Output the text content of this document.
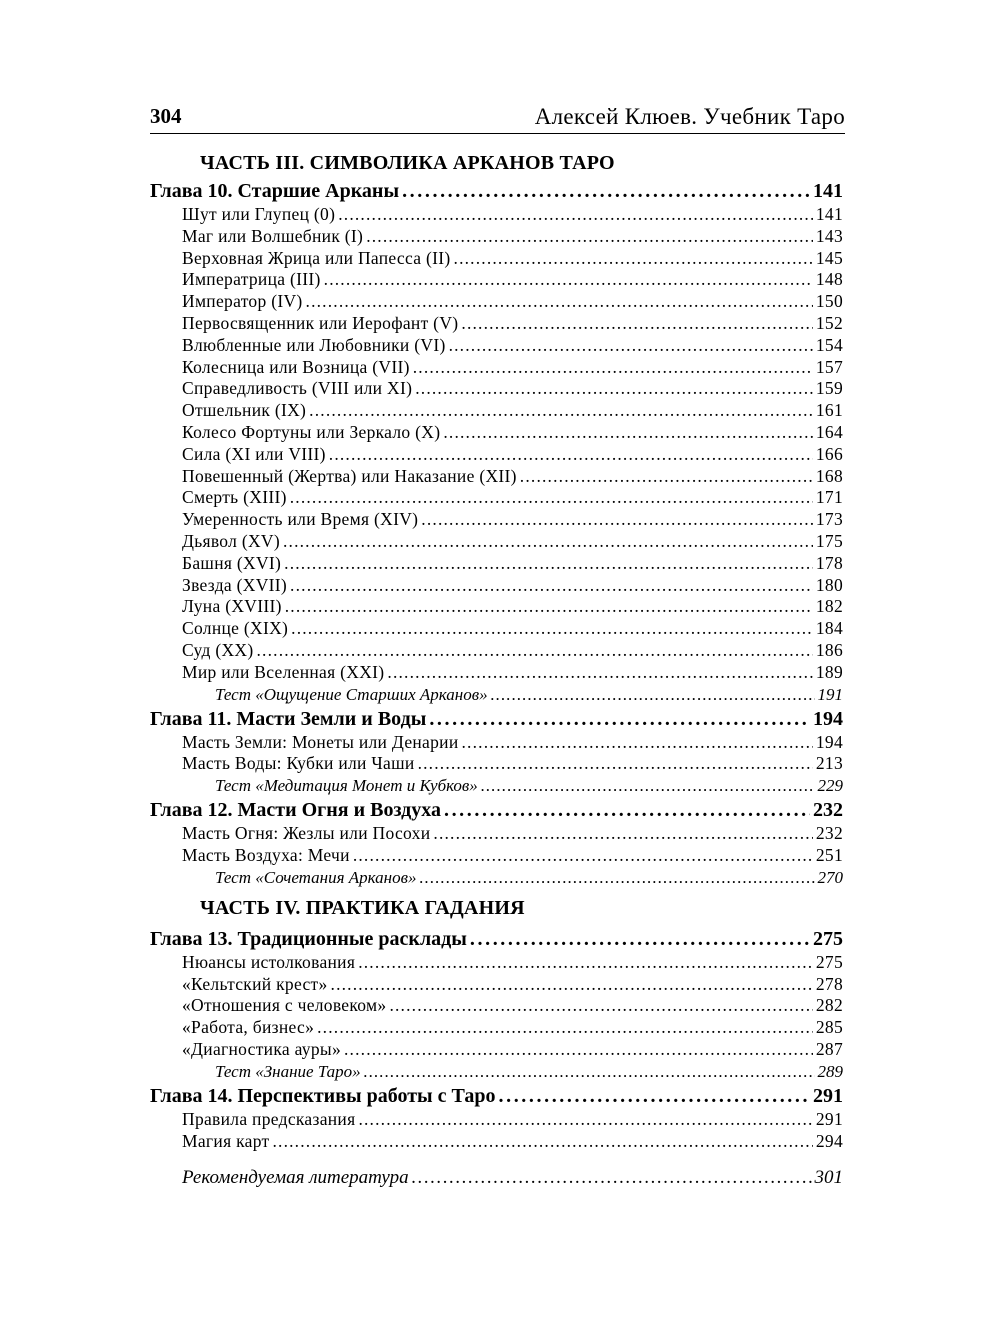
304	Алексей Клюев. Учебник Таро
ЧАСТЬ III. СИМВОЛИКА АРКАНОВ ТАРО
Глава 10. Старшие Арканы . . .	141
Шут или Глупец (0) . . .	141
Маг или Волшебник (I) . . .	143
Верховная Жрица или Папесса (II) . . .	145
Императрица (III) . . .	148
Император (IV) . . .	150
Первосвященник или Иерофант (V) . . .	152
Влюбленные или Любовники (VI) . . .	154
Колесница или Возница (VII) . . .	157
Справедливость (VIII или XI) . . .	159
Отшельник (IX) . . .	161
Колесо Фортуны или Зеркало (X) . . .	164
Сила (XI или VIII) . . .	166
Повешенный (Жертва) или Наказание (XII) . . .	168
Смерть (XIII) . . .	171
Умеренность или Время (XIV) . . .	173
Дьявол (XV) . . .	175
Башня (XVI) . . .	178
Звезда (XVII) . . .	180
Луна (XVIII) . . .	182
Солнце (XIX) . . .	184
Суд (XX) . . .	186
Мир или Вселенная (XXI) . . .	189
Тест «Ощущение Старших Арканов» . . .	191
Глава 11. Масти Земли и Воды . . .	194
Масть Земли: Монеты или Денарии . . .	194
Масть Воды: Кубки или Чаши . . .	213
Тест «Медитация Монет и Кубков» . . .	229
Глава 12. Масти Огня и Воздуха . . .	232
Масть Огня: Жезлы или Посохи . . .	232
Масть Воздуха: Мечи . . .	251
Тест «Сочетания Арканов» . . .	270
ЧАСТЬ IV. ПРАКТИКА ГАДАНИЯ
Глава 13. Традиционные расклады . . .	275
Нюансы истолкования . . .	275
«Кельтский крест» . . .	278
«Отношения с человеком» . . .	282
«Работа, бизнес» . . .	285
«Диагностика ауры» . . .	287
Тест «Знание Таро» . . .	289
Глава 14. Перспективы работы с Таро . . .	291
Правила предсказания . . .	291
Магия карт . . .	294
Рекомендуемая литература . . .	301
